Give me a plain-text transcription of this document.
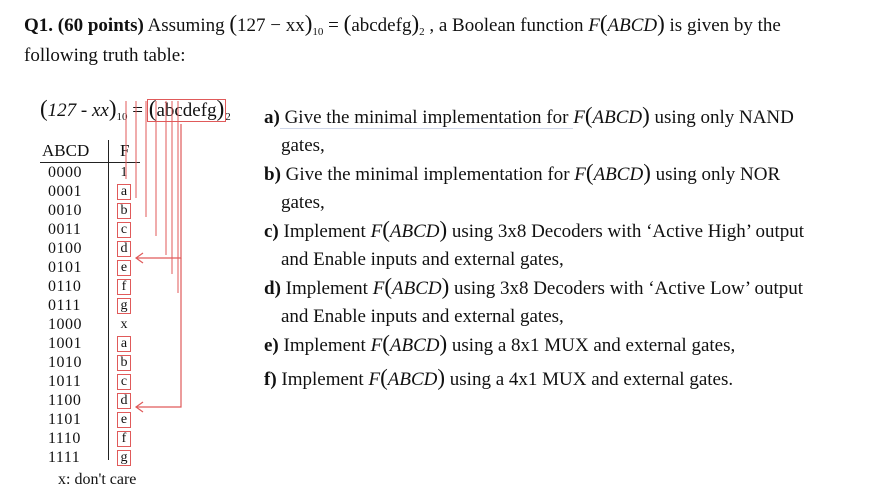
Q1. (60 points) Assuming $(127 - xx)_{10}$ = $(abcdefg)_2$ , a Boolean function F(ABCD) is given by the
following truth table:
$(127 - xx)_{10}$ = $(abcdefg)_2$
ABCD F
0000	1
0001	a
0010	b
0011	c
0100	d
0101	e
0110	f
0111	g
1000	x
1001	a
1010	b
1011	c
1100	d
1101	e
1110	f
1111	g
x: don't care
a) Give the minimal implementation for F(ABCD) using only NAND
gates,
b) Give the minimal implementation for F(ABCD) using only NOR
gates,
c) Implement F(ABCD) using 3x8 Decoders with ‘Active High’ output
and Enable inputs and external gates,
d) Implement F(ABCD) using 3x8 Decoders with ‘Active Low’ output
and Enable inputs and external gates,
e) Implement F(ABCD) using a 8x1 MUX and external gates,
f) Implement F(ABCD) using a 4x1 MUX and external gates.
